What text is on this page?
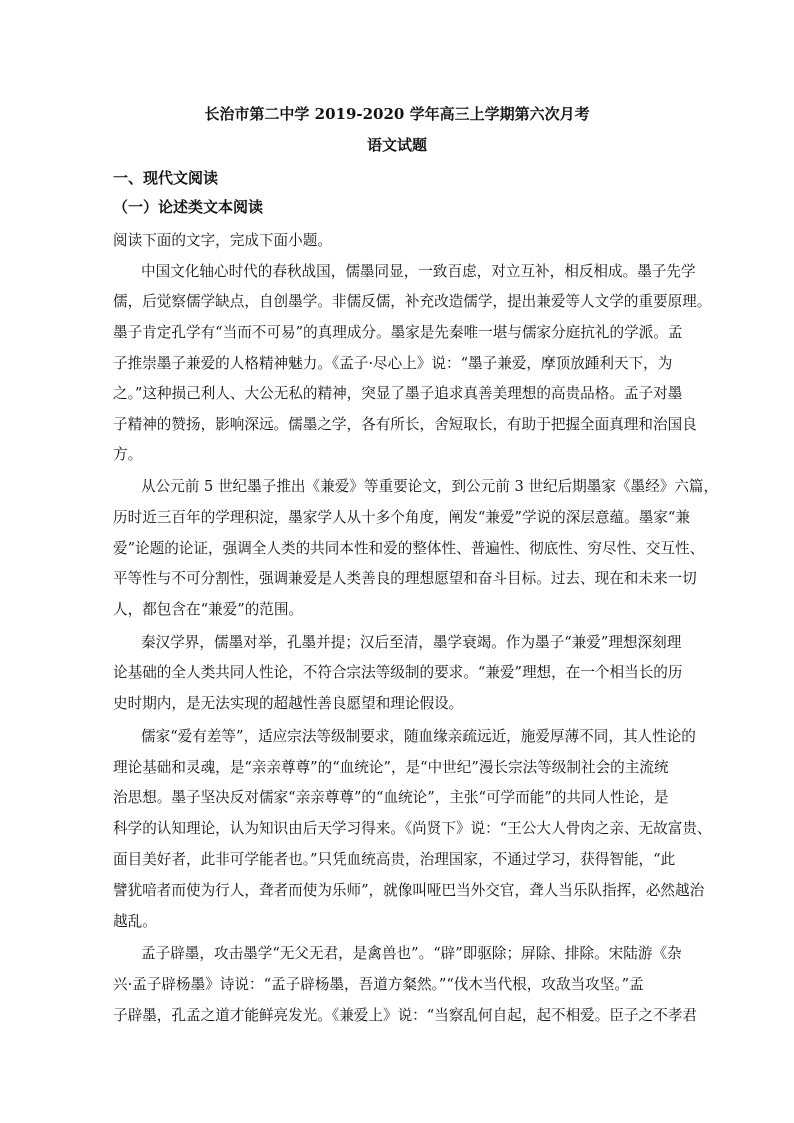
长治市第二中学 2019-2020 学年高三上学期第六次月考
语文试题
一、现代文阅读
（一）论述类文本阅读
阅读下面的文字，完成下面小题。
中国文化轴心时代的春秋战国，儒墨同显，一致百虑，对立互补，相反相成。墨子先学
儒，后觉察儒学缺点，自创墨学。非儒反儒，补充改造儒学，提出兼爱等人文学的重要原理。
墨子肯定孔学有“当而不可易”的真理成分。墨家是先秦唯一堪与儒家分庭抗礼的学派。孟
子推崇墨子兼爱的人格精神魅力。《孟子·尽心上》说：“墨子兼爱，摩顶放踵利天下，为
之。”这种损己利人、大公无私的精神，突显了墨子追求真善美理想的高贵品格。孟子对墨
子精神的赞扬，影响深远。儒墨之学，各有所长，舍短取长，有助于把握全面真理和治国良
方。
从公元前 5 世纪墨子推出《兼爱》等重要论文，到公元前 3 世纪后期墨家《墨经》六篇，
历时近三百年的学理积淀，墨家学人从十多个角度，阐发“兼爱”学说的深层意蕴。墨家“兼
爱”论题的论证，强调全人类的共同本性和爱的整体性、普遍性、彻底性、穷尽性、交互性、
平等性与不可分割性，强调兼爱是人类善良的理想愿望和奋斗目标。过去、现在和未来一切
人，都包含在“兼爱”的范围。
秦汉学界，儒墨对举，孔墨并提；汉后至清，墨学衰竭。作为墨子“兼爱”理想深刻理
论基础的全人类共同人性论，不符合宗法等级制的要求。“兼爱”理想，在一个相当长的历
史时期内，是无法实现的超越性善良愿望和理论假设。
儒家“爱有差等”，适应宗法等级制要求，随血缘亲疏远近，施爱厚薄不同，其人性论的
理论基础和灵魂，是“亲亲尊尊”的“血统论”，是“中世纪”漫长宗法等级制社会的主流统
治思想。墨子坚决反对儒家“亲亲尊尊”的“血统论”，主张“可学而能”的共同人性论，是
科学的认知理论，认为知识由后天学习得来。《尚贤下》说：“王公大人骨肉之亲、无故富贵、
面目美好者，此非可学能者也。”只凭血统高贵，治理国家，不通过学习，获得智能，“此
譬犹喑者而使为行人，聋者而使为乐师”，就像叫哑巴当外交官，聋人当乐队指挥，必然越治
越乱。
孟子辟墨，攻击墨学“无父无君，是禽兽也”。“辟”即驱除；屏除、排除。宋陆游《杂
兴·孟子辟杨墨》诗说：“孟子辟杨墨，吾道方粲然。”“伐木当代根，攻敌当攻坚。”孟
子辟墨，孔孟之道才能鲜亮发光。《兼爱上》说：“当察乱何自起，起不相爱。臣子之不孝君
